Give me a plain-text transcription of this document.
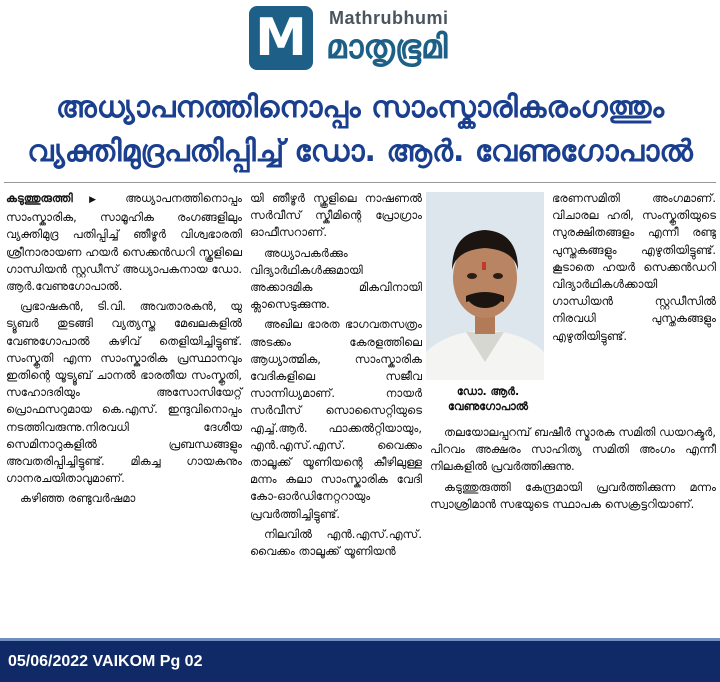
M Mathrubhumi
മാതൃഭൂമി
അധ്യാപനത്തിനൊപ്പം സാംസ്കാരികരംഗത്തും
വ്യക്തിമുദ്രപതിപ്പിച്ച് ഡോ. ആർ. വേണുഗോപാൽ

കടുത്തുരുത്തി ▶ അധ്യാപനത്തിനൊപ്പം സാംസ്കാരിക, സാമൂഹിക രംഗങ്ങളിലും വ്യക്തിമുദ്ര പതിപ്പിച്ച് ഞീഴൂർ വിശ്വഭാരതി ശ്രീനാരായണ ഹയർ സെക്കൻഡറി സ്കൂളിലെ ഗാന്ധിയൻ സ്റ്റഡീസ് അധ്യാപകനായ ഡോ. ആർ.വേണുഗോപാൽ.

പ്രഭാഷകൻ, ടി.വി. അവതാരകൻ, യു ട്യൂബർ തുടങ്ങി വ്യത്യസ്ത മേഖലകളിൽ വേണുഗോപാൽ കഴിവ് തെളിയിച്ചിട്ടുണ്ട്. സംസ്കൃതി എന്ന സാംസ്കാരിക പ്രസ്ഥാനവും ഇതിന്റെ യൂട്യൂബ് ചാനൽ ഭാരതീയ സംസ്കൃതി, സഹോദരിയും അസോസിയേറ്റ് പ്രൊഫസറുമായ കെ.എസ്. ഇന്ദുവിനൊപ്പം നടത്തിവരുന്നു.നിരവധി ദേശീയ സെമിനാറുകളിൽ പ്രബന്ധങ്ങളും അവതരിപ്പിച്ചിട്ടുണ്ട്. മികച്ച ഗായകനും ഗാനരചയിതാവുമാണ്.

കഴിഞ്ഞ രണ്ടുവർഷമാ

യി ഞീഴൂർ സ്കൂളിലെ നാഷണൽ സർവീസ് സ്കീമിന്റെ പ്രോഗ്രാം ഓഫീസറാണ്.

അധ്യാപകർക്കും വിദ്യാർഥികൾക്കുമായി അക്കാദമിക മികവിനായി ക്ലാസെടുക്കുന്നു.

അഖില ഭാരത ഭാഗവതസത്രം അടക്കം കേരളത്തിലെ ആധ്യാത്മിക, സാംസ്കാരിക വേദികളിലെ സജീവ സാന്നിധ്യമാണ്. നായർ സർവീസ് സൊസൈറ്റിയുടെ എച്ച്.ആർ. ഫാക്കൽറ്റിയായും, എൻ.എസ്.എസ്. വൈക്കം താലൂക്ക് യൂണിയന്റെ കീഴിലുള്ള മന്നം കലാ സാംസ്കാരിക വേദി കോ-ഓർഡിനേറ്ററായും പ്രവർത്തിച്ചിട്ടുണ്ട്.

നിലവിൽ എൻ.എസ്.എസ്. വൈക്കം താലൂക്ക് യൂണിയൻ

ഡോ. ആർ.
വേണുഗോപാൽ

ഭരണസമിതി അംഗമാണ്. വിചാരല ഹരി, സംസ്കൃതിയുടെ സുരക്ഷിതങ്ങളം എന്നീ രണ്ടു പുസ്തകങ്ങളും എഴുതിയിട്ടുണ്ട്. കൂടാതെ ഹയർ സെക്കൻഡറി വിദ്യാർഥികൾക്കായി ഗാന്ധിയൻ സ്റ്റഡീസിൽ നിരവധി പുസ്തകങ്ങളും എഴുതിയിട്ടുണ്ട്.

തലയോലപ്പറമ്പ് ബഷീർ സ്മാരക സമിതി ഡയറക്ടർ, പിറവം അക്ഷരം സാഹിത്യ സമിതി അംഗം എന്നീ നിലകളിൽ പ്രവർത്തിക്കുന്നു.

കടുത്തുരുത്തി കേന്ദ്രമായി പ്രവർത്തിക്കുന്ന മന്നം സ്വാശ്രിമാൻ സഭയുടെ സ്ഥാപക സെക്രട്ടറിയാണ്.

05/06/2022 VAIKOM Pg 02
